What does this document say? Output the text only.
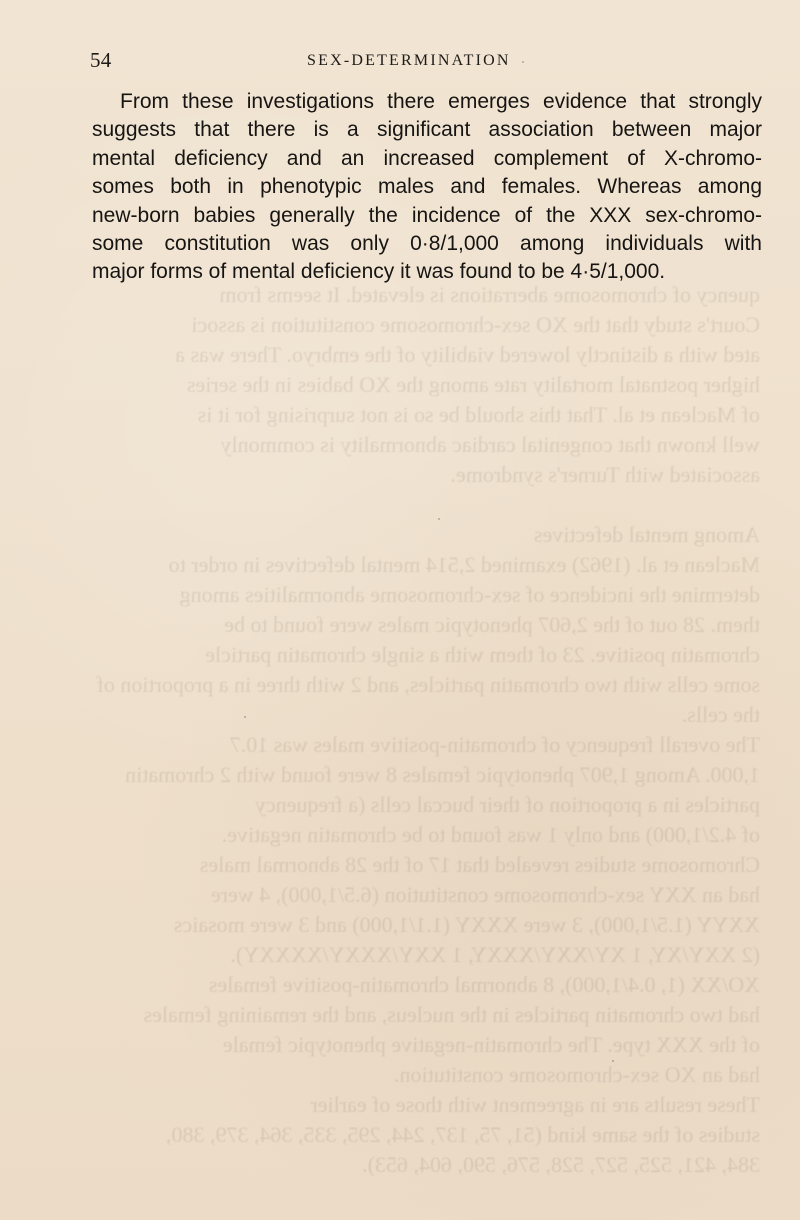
quency of chromosome aberrations is elevated. It seems from
Court's study that the XO sex-chromosome constitution is associ
ated with a distinctly lowered viability of the embryo. There was a
higher postnatal mortality rate among the XO babies in the series
of Maclean et al. That this should be so is not surprising for it is
well known that congenital cardiac abnormality is commonly
associated with Turner's syndrome.

Among mental defectives
Maclean et al. (1962) examined 2,514 mental defectives in order to
determine the incidence of sex-chromosome abnormalities among
them. 28 out of the 2,607 phenotypic males were found to be
chromatin positive. 23 of them with a single chromatin particle
some cells with two chromatin particles, and 2 with three in a proportion of the cells.
The overall frequency of chromatin-positive males was 10.7
1,000. Among 1,907 phenotypic females 8 were found with 2 chromatin particles in a proportion of their buccal cells (a frequency
of 4.2/1,000) and only 1 was found to be chromatin negative.
Chromosome studies revealed that 17 of the 28 abnormal males
had an XXY sex-chromosome constitution (6.5/1,000), 4 were
XXYY (1.5/1,000), 3 were XXXY (1.1/1,000) and 3 were mosaics
(2 XXY/XY, 1 XY/XXY/XXXY, 1 XXY/XXXY/XXXXY).
XO/XX (1, 0.4/1,000), 8 abnormal chromatin-positive females
had two chromatin particles in the nucleus, and the remaining females
of the XXX type. The chromatin-negative phenotypic female
had an XO sex-chromosome constitution.
These results are in agreement with those of earlier
studies of the same kind (51, 75, 137, 244, 295, 335, 364, 379, 380,
384, 421, 525, 527, 528, 576, 590, 604, 653).
54	SEX-DETERMINATION
From these investigations there emerges evidence that strongly
suggests that there is a significant association between major
mental deficiency and an increased complement of X-chromo-
somes both in phenotypic males and females. Whereas among
new-born babies generally the incidence of the XXX sex-chromo-
some constitution was only 0·8/1,000 among individuals with
major forms of mental deficiency it was found to be 4·5/1,000.
